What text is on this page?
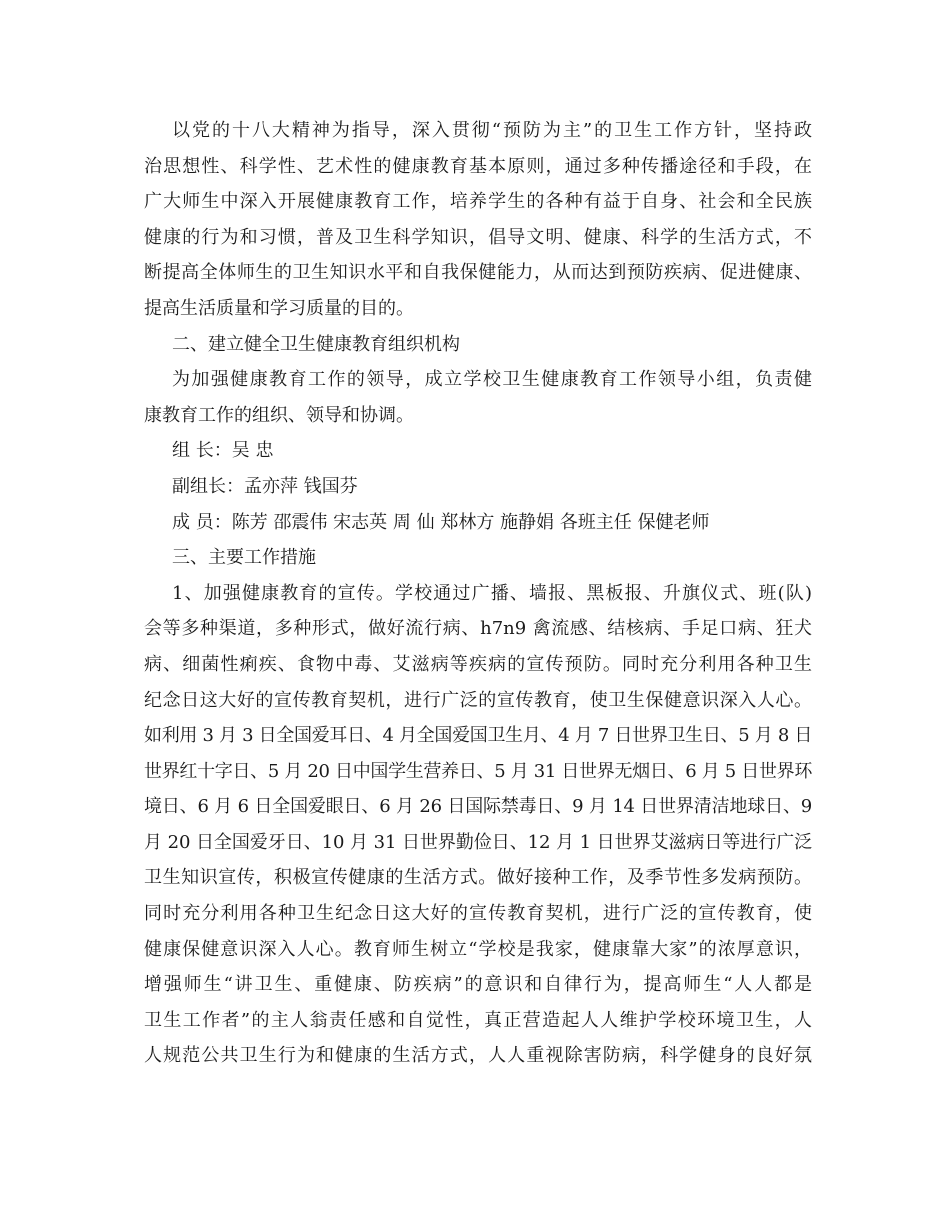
以党的十八大精神为指导，深入贯彻“预防为主”的卫生工作方针，坚持政
治思想性、科学性、艺术性的健康教育基本原则，通过多种传播途径和手段，在
广大师生中深入开展健康教育工作，培养学生的各种有益于自身、社会和全民族
健康的行为和习惯，普及卫生科学知识，倡导文明、健康、科学的生活方式，不
断提高全体师生的卫生知识水平和自我保健能力，从而达到预防疾病、促进健康、
提高生活质量和学习质量的目的。
二、建立健全卫生健康教育组织机构
为加强健康教育工作的领导，成立学校卫生健康教育工作领导小组，负责健
康教育工作的组织、领导和协调。
组 长：吴 忠
副组长：孟亦萍 钱国芬
成 员：陈芳 邵震伟 宋志英 周 仙 郑林方 施静娟 各班主任 保健老师
三、主要工作措施
1、加强健康教育的宣传。学校通过广播、墙报、黑板报、升旗仪式、班(队)
会等多种渠道，多种形式，做好流行病、h7n9 禽流感、结核病、手足口病、狂犬
病、细菌性痢疾、食物中毒、艾滋病等疾病的宣传预防。同时充分利用各种卫生
纪念日这大好的宣传教育契机，进行广泛的宣传教育，使卫生保健意识深入人心。
如利用 3 月 3 日全国爱耳日、4 月全国爱国卫生月、4 月 7 日世界卫生日、5 月 8 日
世界红十字日、5 月 20 日中国学生营养日、5 月 31 日世界无烟日、6 月 5 日世界环
境日、6 月 6 日全国爱眼日、6 月 26 日国际禁毒日、9 月 14 日世界清洁地球日、9
月 20 日全国爱牙日、10 月 31 日世界勤俭日、12 月 1 日世界艾滋病日等进行广泛
卫生知识宣传，积极宣传健康的生活方式。做好接种工作，及季节性多发病预防。
同时充分利用各种卫生纪念日这大好的宣传教育契机，进行广泛的宣传教育，使
健康保健意识深入人心。教育师生树立“学校是我家，健康靠大家”的浓厚意识，
增强师生“讲卫生、重健康、防疾病”的意识和自律行为，提高师生“人人都是
卫生工作者”的主人翁责任感和自觉性，真正营造起人人维护学校环境卫生，人
人规范公共卫生行为和健康的生活方式，人人重视除害防病，科学健身的良好氛
